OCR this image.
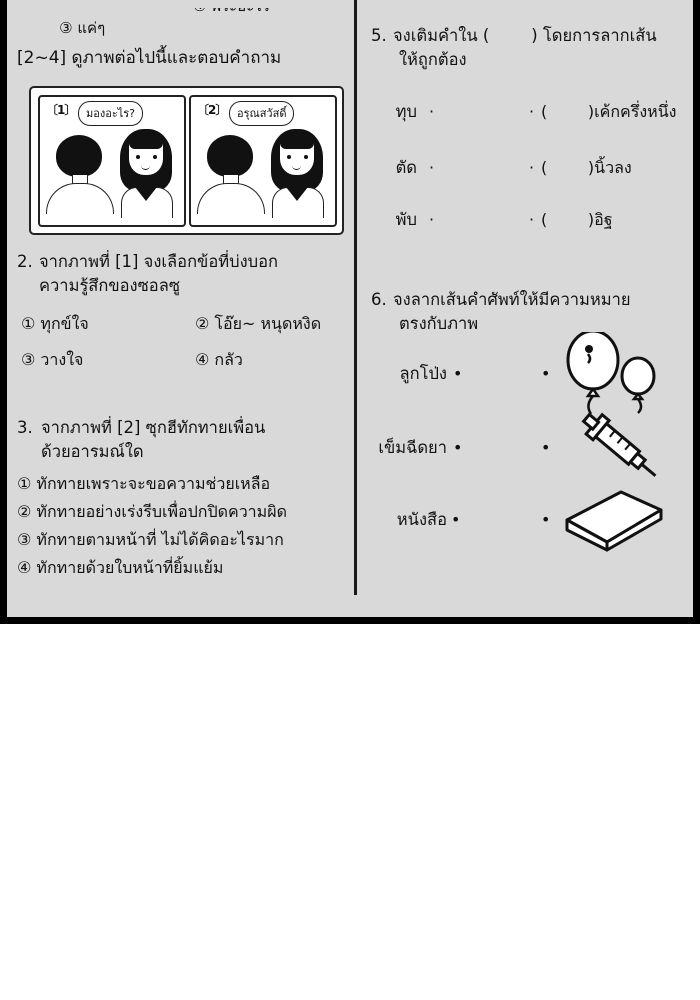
③ แค่ๆ

[2~4] ดูภาพต่อไปนี้และตอบคำถาม
〔1〕 มองอะไร?	〔2〕 อรุณสวัสดิ์
2. จากภาพที่ [1] จงเลือกข้อที่บ่งบอก
ความรู้สึกของซอลซู
① ทุกข์ใจ	② โอ๊ย~ หนุดหงิด
③ วางใจ	④ กลัว
3. จากภาพที่ [2] ซุกฮีทักทายเพื่อน
ด้วยอารมณ์ใด
① ทักทายเพราะจะขอความช่วยเหลือ
② ทักทายอย่างเร่งรีบเพื่อปกปิดความผิด
③ ทักทายตามหน้าที่ ไม่ได้คิดอะไรมาก
④ ทักทายด้วยใบหน้าที่ยิ้มแย้ม
5. จงเติมคำใน (        ) โดยการลากเส้น
ให้ถูกต้อง
ทุบ ·	· (        )เค้กครึ่งหนึ่ง
ตัด ·	· (        )นิ้วลง
พับ ·	· (        )อิฐ
6. จงลากเส้นคำศัพท์ให้มีความหมาย
ตรงกับภาพ
ลูกโป่ง •	•
เข็มฉีดยา •	•
หนังสือ •	•
